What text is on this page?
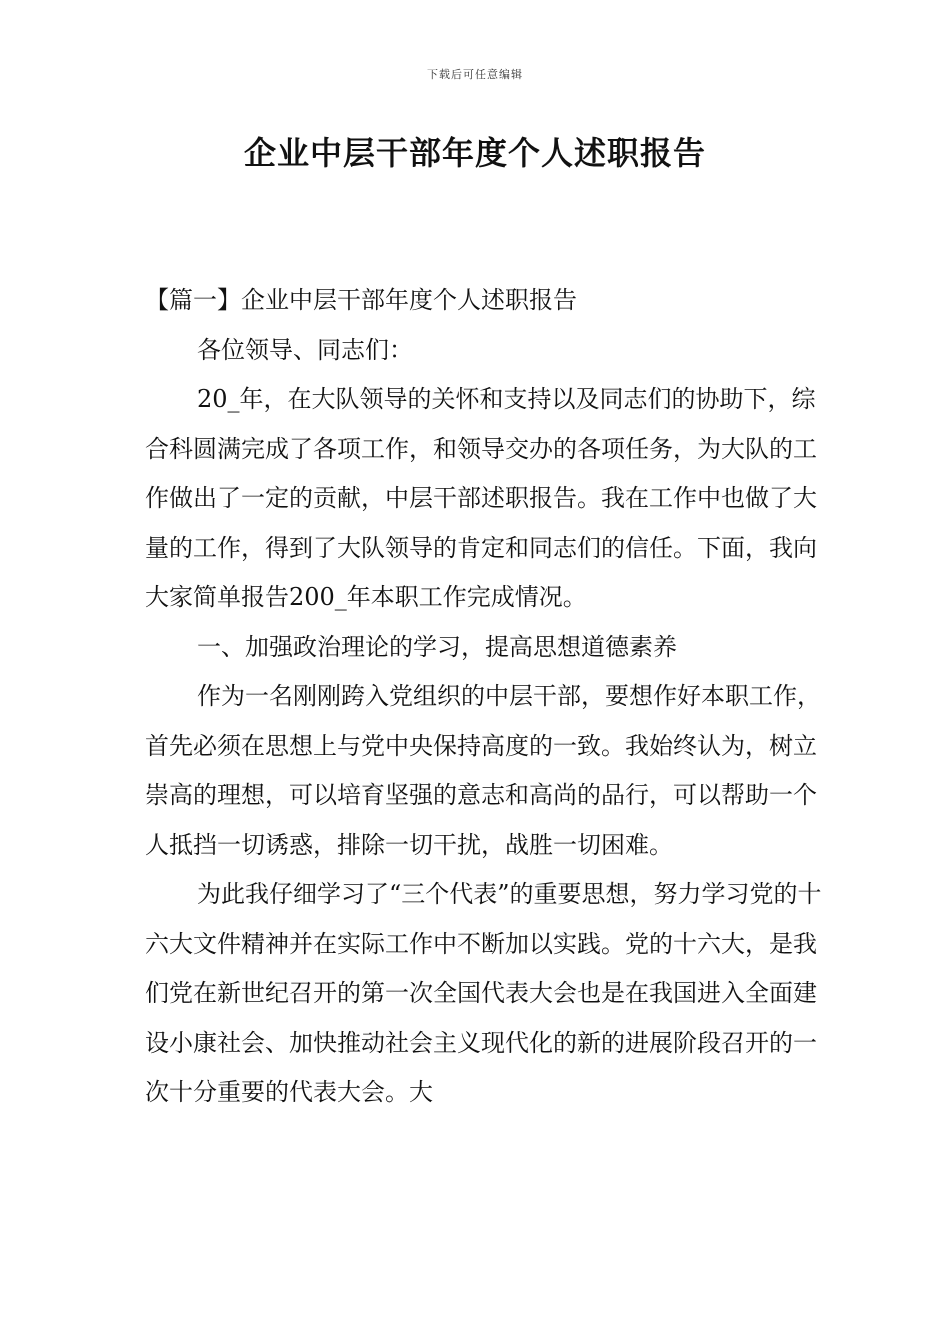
下载后可任意编辑
企业中层干部年度个人述职报告

【篇一】企业中层干部年度个人述职报告

各位领导、同志们：

20_年，在大队领导的关怀和支持以及同志们的协助下，综合科圆满完成了各项工作，和领导交办的各项任务，为大队的工作做出了一定的贡献，中层干部述职报告。我在工作中也做了大量的工作，得到了大队领导的肯定和同志们的信任。下面，我向大家简单报告200_年本职工作完成情况。

一、加强政治理论的学习，提高思想道德素养

作为一名刚刚跨入党组织的中层干部，要想作好本职工作，首先必须在思想上与党中央保持高度的一致。我始终认为，树立崇高的理想，可以培育坚强的意志和高尚的品行，可以帮助一个人抵挡一切诱惑，排除一切干扰，战胜一切困难。

为此我仔细学习了“三个代表”的重要思想，努力学习党的十六大文件精神并在实际工作中不断加以实践。党的十六大，是我们党在新世纪召开的第一次全国代表大会也是在我国进入全面建设小康社会、加快推动社会主义现代化的新的进展阶段召开的一次十分重要的代表大会。大
